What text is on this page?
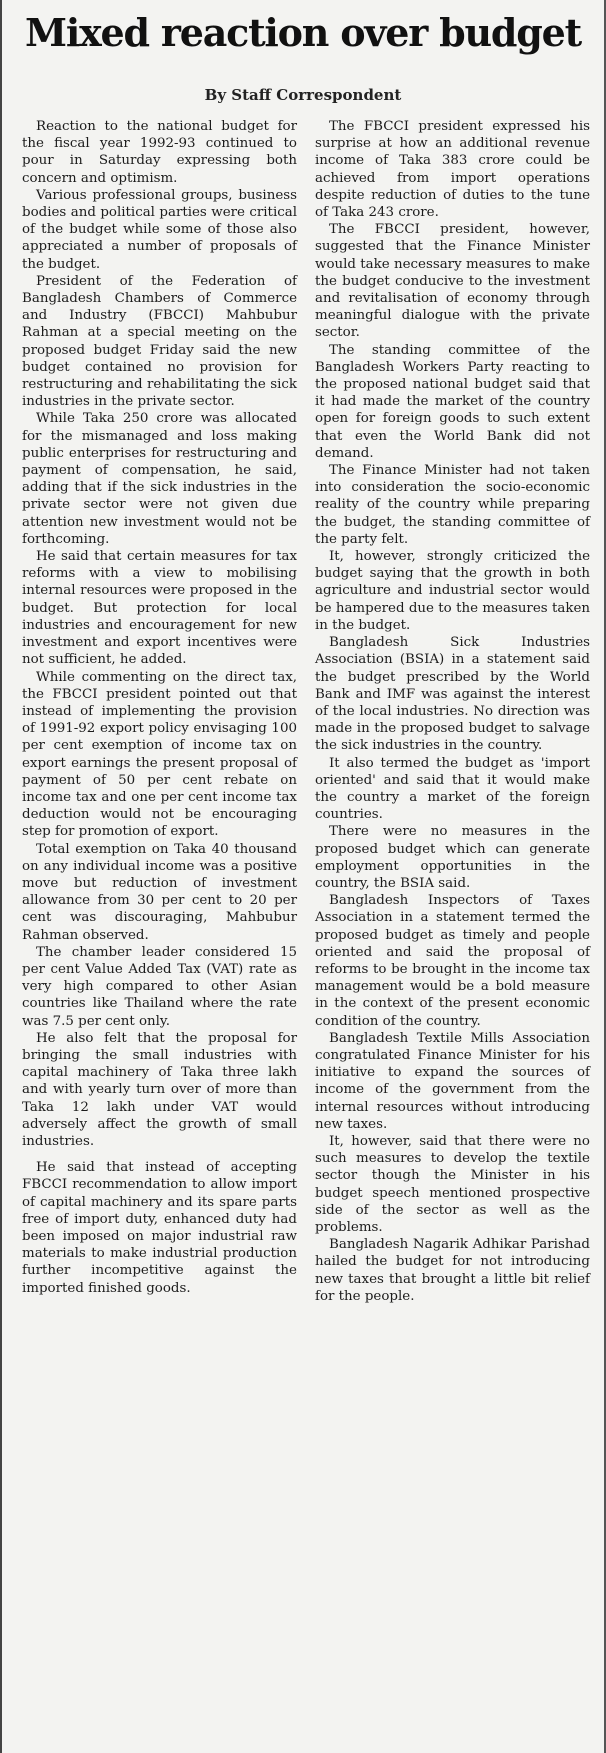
Mixed reaction over budget
By Staff Correspondent

Reaction to the national budget for the fiscal year 1992-93 continued to pour in Saturday expressing both concern and optimism.

Various professional groups, business bodies and political parties were critical of the budget while some of those also appreciated a number of proposals of the budget.

President of the Federation of Bangladesh Chambers of Commerce and Industry (FBCCI) Mahbubur Rahman at a special meeting on the proposed budget Friday said the new budget contained no provision for restructuring and rehabilitating the sick industries in the private sector.

While Taka 250 crore was allocated for the mismanaged and loss making public enterprises for restructuring and payment of compensation, he said, adding that if the sick industries in the private sector were not given due attention new investment would not be forthcoming.

He said that certain measures for tax reforms with a view to mobilising internal resources were proposed in the budget. But protection for local industries and encouragement for new investment and export incentives were not sufficient, he added.

While commenting on the direct tax, the FBCCI president pointed out that instead of implementing the provision of 1991-92 export policy envisaging 100 per cent exemption of income tax on export earnings the present proposal of payment of 50 per cent rebate on income tax and one per cent income tax deduction would not be encouraging step for promotion of export.

Total exemption on Taka 40 thousand on any individual income was a positive move but reduction of investment allowance from 30 per cent to 20 per cent was discouraging, Mahbubur Rahman observed.

The chamber leader considered 15 per cent Value Added Tax (VAT) rate as very high compared to other Asian countries like Thailand where the rate was 7.5 per cent only.

He also felt that the proposal for bringing the small industries with capital machinery of Taka three lakh and with yearly turn over of more than Taka 12 lakh under VAT would adversely affect the growth of small industries.

He said that instead of accepting FBCCI recommendation to allow import of capital machinery and its spare parts free of import duty, enhanced duty had been imposed on major industrial raw materials to make industrial production further incompetitive against the imported finished goods.

The FBCCI president expressed his surprise at how an additional revenue income of Taka 383 crore could be achieved from import operations despite reduction of duties to the tune of Taka 243 crore.

The FBCCI president, however, suggested that the Finance Minister would take necessary measures to make the budget conducive to the investment and revitalisation of economy through meaningful dialogue with the private sector.

The standing committee of the Bangladesh Workers Party reacting to the proposed national budget said that it had made the market of the country open for foreign goods to such extent that even the World Bank did not demand.

The Finance Minister had not taken into consideration the socio-economic reality of the country while preparing the budget, the standing committee of the party felt.

It, however, strongly criticized the budget saying that the growth in both agriculture and industrial sector would be hampered due to the measures taken in the budget.

Bangladesh Sick Industries Association (BSIA) in a statement said the budget prescribed by the World Bank and IMF was against the interest of the local industries. No direction was made in the proposed budget to salvage the sick industries in the country.

It also termed the budget as 'import oriented' and said that it would make the country a market of the foreign countries.

There were no measures in the proposed budget which can generate employment opportunities in the country, the BSIA said.

Bangladesh Inspectors of Taxes Association in a statement termed the proposed budget as timely and people oriented and said the proposal of reforms to be brought in the income tax management would be a bold measure in the context of the present economic condition of the country.

Bangladesh Textile Mills Association congratulated Finance Minister for his initiative to expand the sources of income of the government from the internal resources without introducing new taxes.

It, however, said that there were no such measures to develop the textile sector though the Minister in his budget speech mentioned prospective side of the sector as well as the problems.

Bangladesh Nagarik Adhikar Parishad hailed the budget for not introducing new taxes that brought a little bit relief for the people.
